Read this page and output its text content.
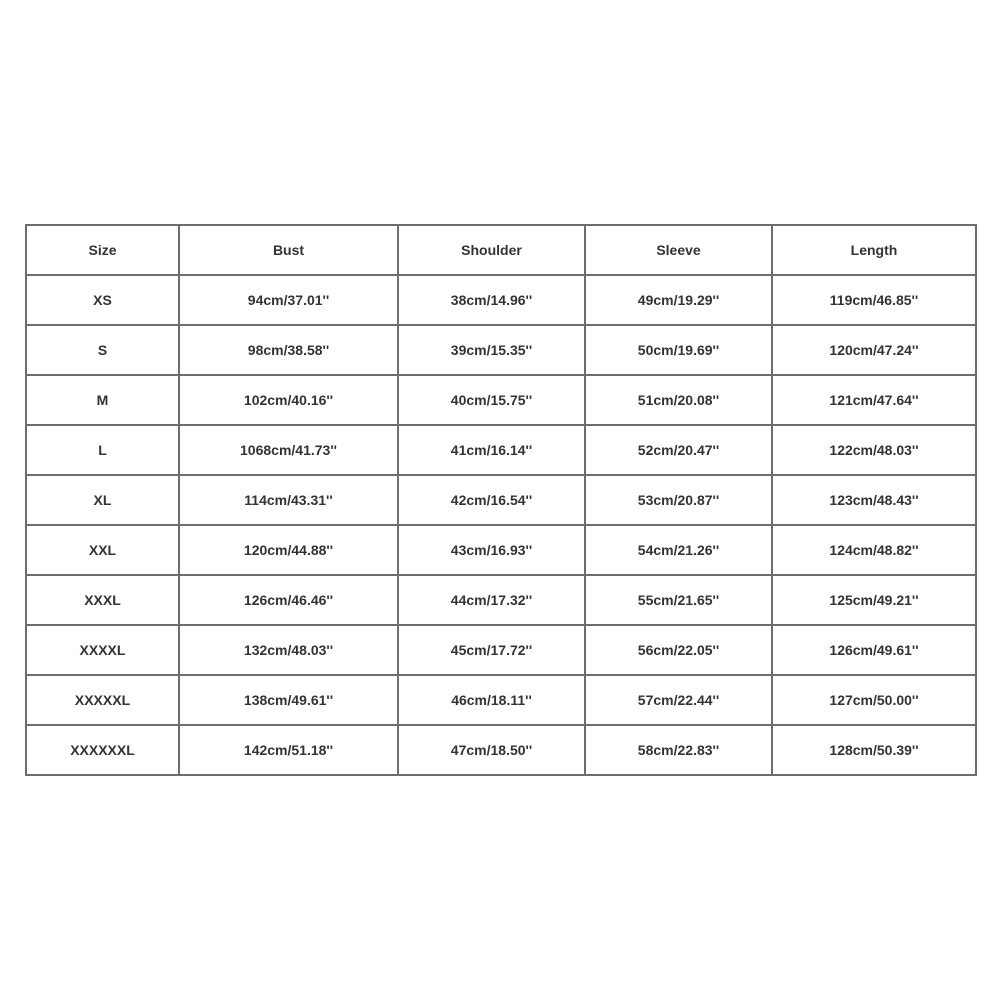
Size	Bust	Shoulder	Sleeve	Length
XS	94cm/37.01''	38cm/14.96''	49cm/19.29''	119cm/46.85''
S	98cm/38.58''	39cm/15.35''	50cm/19.69''	120cm/47.24''
M	102cm/40.16''	40cm/15.75''	51cm/20.08''	121cm/47.64''
L	1068cm/41.73''	41cm/16.14''	52cm/20.47''	122cm/48.03''
XL	114cm/43.31''	42cm/16.54''	53cm/20.87''	123cm/48.43''
XXL	120cm/44.88''	43cm/16.93''	54cm/21.26''	124cm/48.82''
XXXL	126cm/46.46''	44cm/17.32''	55cm/21.65''	125cm/49.21''
XXXXL	132cm/48.03''	45cm/17.72''	56cm/22.05''	126cm/49.61''
XXXXXL	138cm/49.61''	46cm/18.11''	57cm/22.44''	127cm/50.00''
XXXXXXL	142cm/51.18''	47cm/18.50''	58cm/22.83''	128cm/50.39''
